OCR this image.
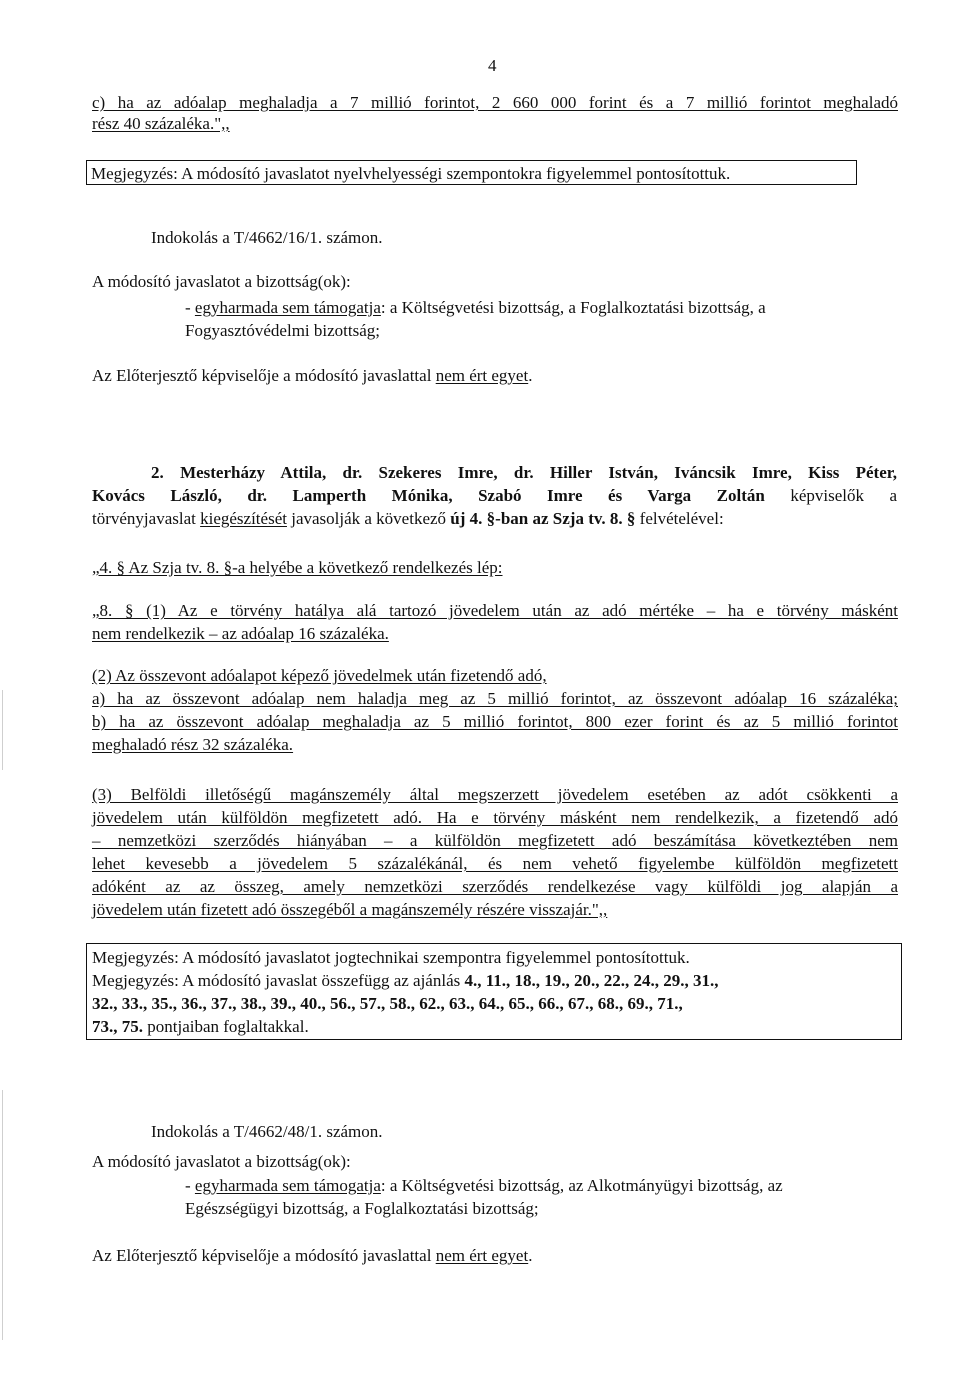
4
c) ha az adóalap meghaladja a 7 millió forintot, 2 660 000 forint és a 7 millió forintot meghaladó
rész 40 százaléka.",,
Megjegyzés: A módosító javaslatot nyelvhelyességi szempontokra figyelemmel pontosítottuk.
Indokolás a T/4662/16/1. számon.
A módosító javaslatot a bizottság(ok):
- egyharmada sem támogatja: a Költségvetési bizottság, a Foglalkoztatási bizottság, a
Fogyasztóvédelmi bizottság;
Az Előterjesztő képviselője a módosító javaslattal nem ért egyet.
2. Mesterházy Attila, dr. Szekeres Imre, dr. Hiller István, Iváncsik Imre, Kiss Péter,
Kovács László, dr. Lamperth Mónika, Szabó Imre és Varga Zoltán képviselők a
törvényjavaslat kiegészítését javasolják a következő új 4. §-ban az Szja tv. 8. § felvételével:
„4. § Az Szja tv. 8. §-a helyébe a következő rendelkezés lép:
„8. § (1) Az e törvény hatálya alá tartozó jövedelem után az adó mértéke – ha e törvény másként
nem rendelkezik – az adóalap 16 százaléka.
(2) Az összevont adóalapot képező jövedelmek után fizetendő adó,
a) ha az összevont adóalap nem haladja meg az 5 millió forintot, az összevont adóalap 16 százaléka;
b) ha az összevont adóalap meghaladja az 5 millió forintot, 800 ezer forint és az 5 millió forintot
meghaladó rész 32 százaléka.
(3) Belföldi illetőségű magánszemély által megszerzett jövedelem esetében az adót csökkenti a
jövedelem után külföldön megfizetett adó. Ha e törvény másként nem rendelkezik, a fizetendő adó
– nemzetközi szerződés hiányában – a külföldön megfizetett adó beszámítása következtében nem
lehet kevesebb a jövedelem 5 százalékánál, és nem vehető figyelembe külföldön megfizetett
adóként az az összeg, amely nemzetközi szerződés rendelkezése vagy külföldi jog alapján a
jövedelem után fizetett adó összegéből a magánszemély részére visszajár.",,
Megjegyzés: A módosító javaslatot jogtechnikai szempontra figyelemmel pontosítottuk.
Megjegyzés: A módosító javaslat összefügg az ajánlás 4., 11., 18., 19., 20., 22., 24., 29., 31.,
32., 33., 35., 36., 37., 38., 39., 40., 56., 57., 58., 62., 63., 64., 65., 66., 67., 68., 69., 71.,
73., 75. pontjaiban foglaltakkal.
Indokolás a T/4662/48/1. számon.
A módosító javaslatot a bizottság(ok):
- egyharmada sem támogatja: a Költségvetési bizottság, az Alkotmányügyi bizottság, az
Egészségügyi bizottság, a Foglalkoztatási bizottság;
Az Előterjesztő képviselője a módosító javaslattal nem ért egyet.
